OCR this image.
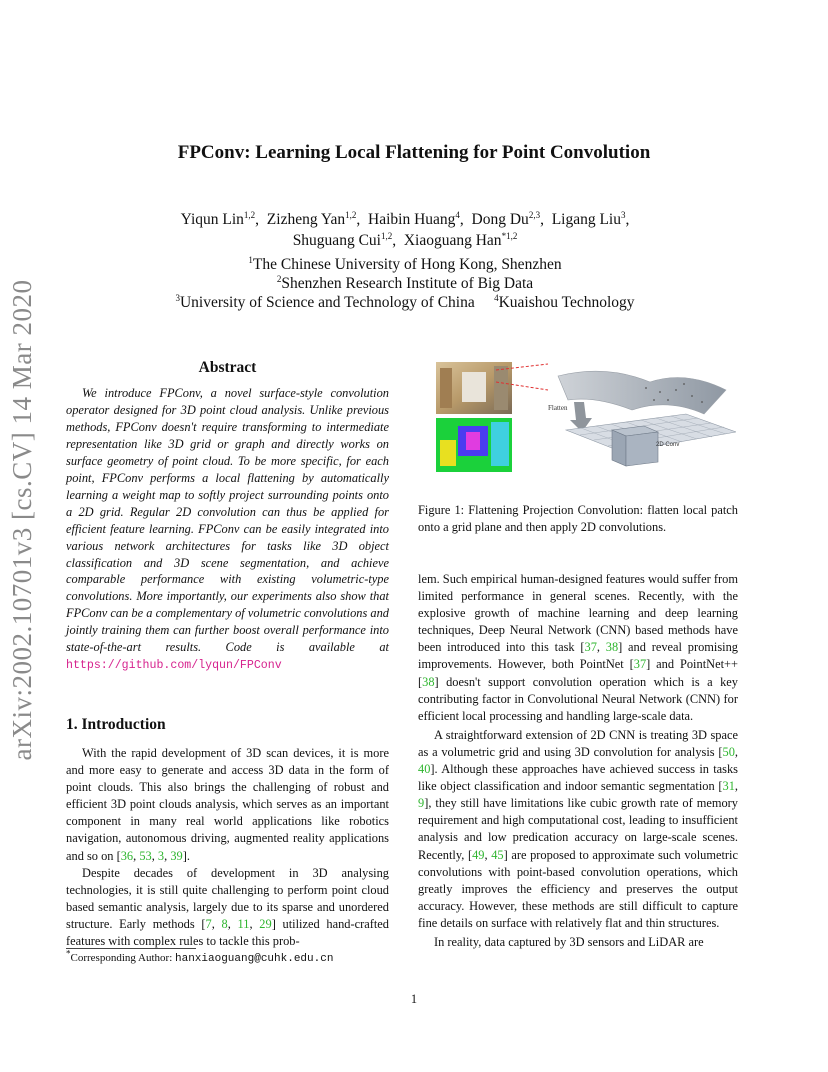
arXiv:2002.10701v3 [cs.CV] 14 Mar 2020
FPConv: Learning Local Flattening for Point Convolution
Yiqun Lin$^{1,2}$,  Zizheng Yan$^{1,2}$,  Haibin Huang$^4$,  Dong Du$^{2,3}$,  Ligang Liu$^3$,
Shuguang Cui$^{1,2}$,  Xiaoguang Han$^{*1,2}$
$^1$The Chinese University of Hong Kong, Shenzhen
$^2$Shenzhen Research Institute of Big Data
$^3$University of Science and Technology of China $^4$Kuaishou Technology
Abstract

We introduce FPConv, a novel surface-style convolution operator designed for 3D point cloud analysis. Unlike previous methods, FPConv doesn't require transforming to intermediate representation like 3D grid or graph and directly works on surface geometry of point cloud. To be more specific, for each point, FPConv performs a local flattening by automatically learning a weight map to softly project surrounding points onto a 2D grid. Regular 2D convolution can thus be applied for efficient feature learning. FPConv can be easily integrated into various network architectures for tasks like 3D object classification and 3D scene segmentation, and achieve comparable performance with existing volumetric-type convolutions. More importantly, our experiments also show that FPConv can be a complementary of volumetric convolutions and jointly training them can further boost overall performance into state-of-the-art results. Code is available at https://github.com/lyqun/FPConv

1. Introduction
With the rapid development of 3D scan devices, it is more and more easy to generate and access 3D data in the form of point clouds. This also brings the challenging of robust and efficient 3D point clouds analysis, which serves as an important component in many real world applications like robotics navigation, autonomous driving, augmented reality applications and so on [36, 53, 3, 39].
Despite decades of development in 3D analysing technologies, it is still quite challenging to perform point cloud based semantic analysis, largely due to its sparse and unordered structure. Early methods [7, 8, 11, 29] utilized hand-crafted features with complex rules to tackle this prob-
*Corresponding Author: hanxiaoguang@cuhk.edu.cn
Flatten
2D Conv
Figure 1: Flattening Projection Convolution: flatten local patch onto a grid plane and then apply 2D convolutions.
lem. Such empirical human-designed features would suffer from limited performance in general scenes. Recently, with the explosive growth of machine learning and deep learning techniques, Deep Neural Network (CNN) based methods have been introduced into this task [37, 38] and reveal promising improvements. However, both PointNet [37] and PointNet++ [38] doesn't support convolution operation which is a key contributing factor in Convolutional Neural Network (CNN) for efficient local processing and handling large-scale data.
A straightforward extension of 2D CNN is treating 3D space as a volumetric grid and using 3D convolution for analysis [50, 40]. Although these approaches have achieved success in tasks like object classification and indoor semantic segmentation [31, 9], they still have limitations like cubic growth rate of memory requirement and high computational cost, leading to insufficient analysis and low predication accuracy on large-scale scenes. Recently, [49, 45] are proposed to approximate such volumetric convolutions with point-based convolution operations, which greatly improves the efficiency and preserves the output accuracy. However, these methods are still difficult to capture fine details on surface with relatively flat and thin structures.
In reality, data captured by 3D sensors and LiDAR are
1
